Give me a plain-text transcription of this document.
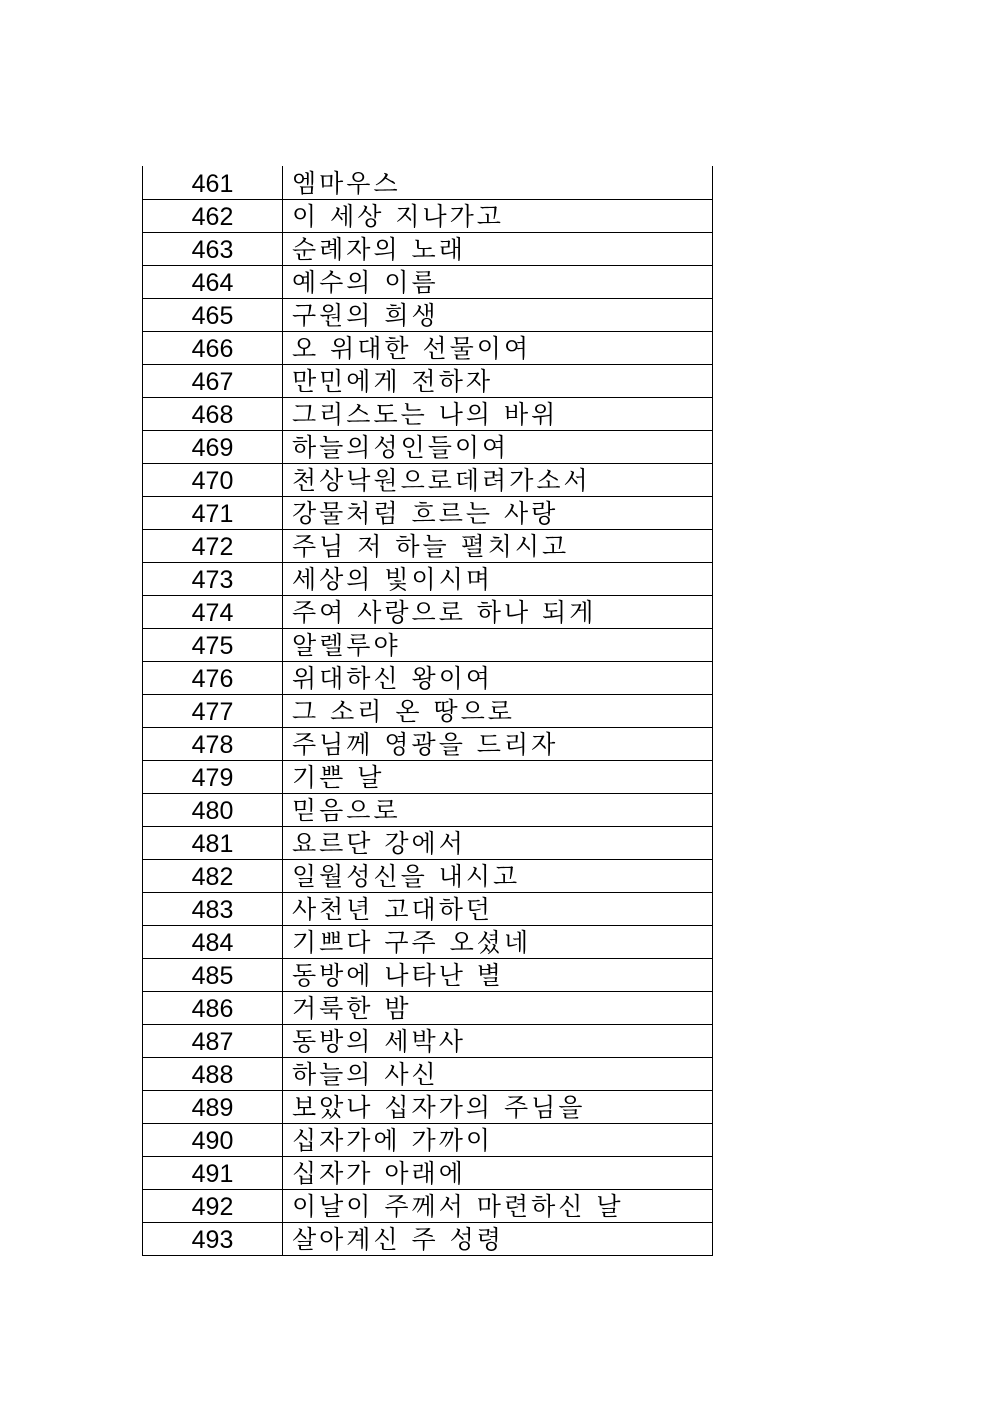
461	엠마우스
462	이 세상 지나가고
463	순례자의 노래
464	예수의 이름
465	구원의 희생
466	오 위대한 선물이여
467	만민에게 전하자
468	그리스도는 나의 바위
469	하늘의성인들이여
470	천상낙원으로데려가소서
471	강물처럼 흐르는 사랑
472	주님 저 하늘 펼치시고
473	세상의 빛이시며
474	주여 사랑으로 하나 되게
475	알렐루야
476	위대하신 왕이여
477	그 소리 온 땅으로
478	주님께 영광을 드리자
479	기쁜 날
480	믿음으로
481	요르단 강에서
482	일월성신을 내시고
483	사천년 고대하던
484	기쁘다 구주 오셨네
485	동방에 나타난 별
486	거룩한 밤
487	동방의 세박사
488	하늘의 사신
489	보았나 십자가의 주님을
490	십자가에 가까이
491	십자가 아래에
492	이날이 주께서 마련하신 날
493	살아계신 주 성령
